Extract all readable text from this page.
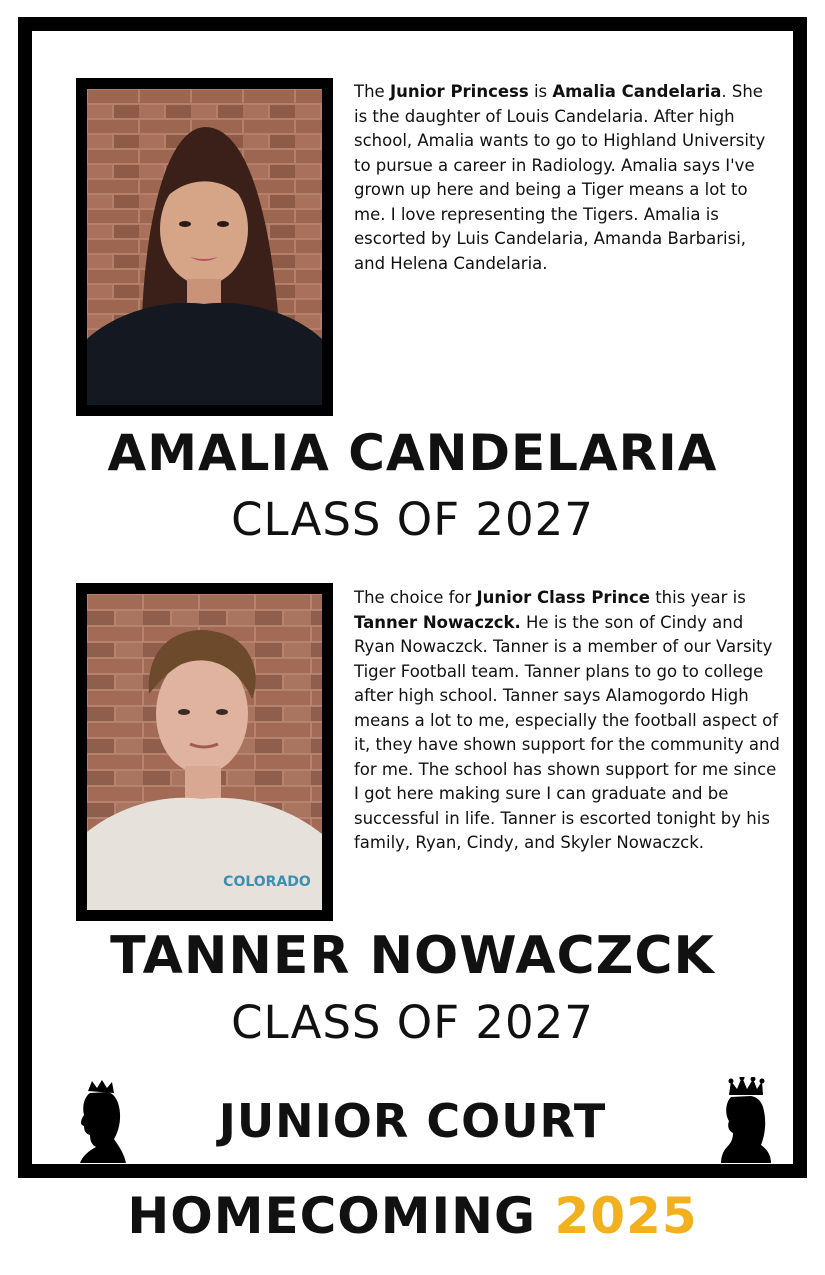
The Junior Princess is Amalia Candelaria. She is the daughter of Louis Candelaria. After high school, Amalia wants to go to Highland University to pursue a career in Radiology. Amalia says I've grown up here and being a Tiger means a lot to me. I love representing the Tigers. Amalia is escorted by Luis Candelaria, Amanda Barbarisi, and Helena Candelaria.
AMALIA CANDELARIA
CLASS OF 2027
COLORADO
The choice for Junior Class Prince this year is Tanner Nowaczck. He is the son of Cindy and Ryan Nowaczck. Tanner is a member of our Varsity Tiger Football team. Tanner plans to go to college after high school. Tanner says Alamogordo High means a lot to me, especially the football aspect of it, they have shown support for the community and for me. The school has shown support for me since I got here making sure I can graduate and be successful in life. Tanner is escorted tonight by his family, Ryan, Cindy, and Skyler Nowaczck.
TANNER NOWACZCK
CLASS OF 2027
JUNIOR COURT
HOMECOMING 2025
